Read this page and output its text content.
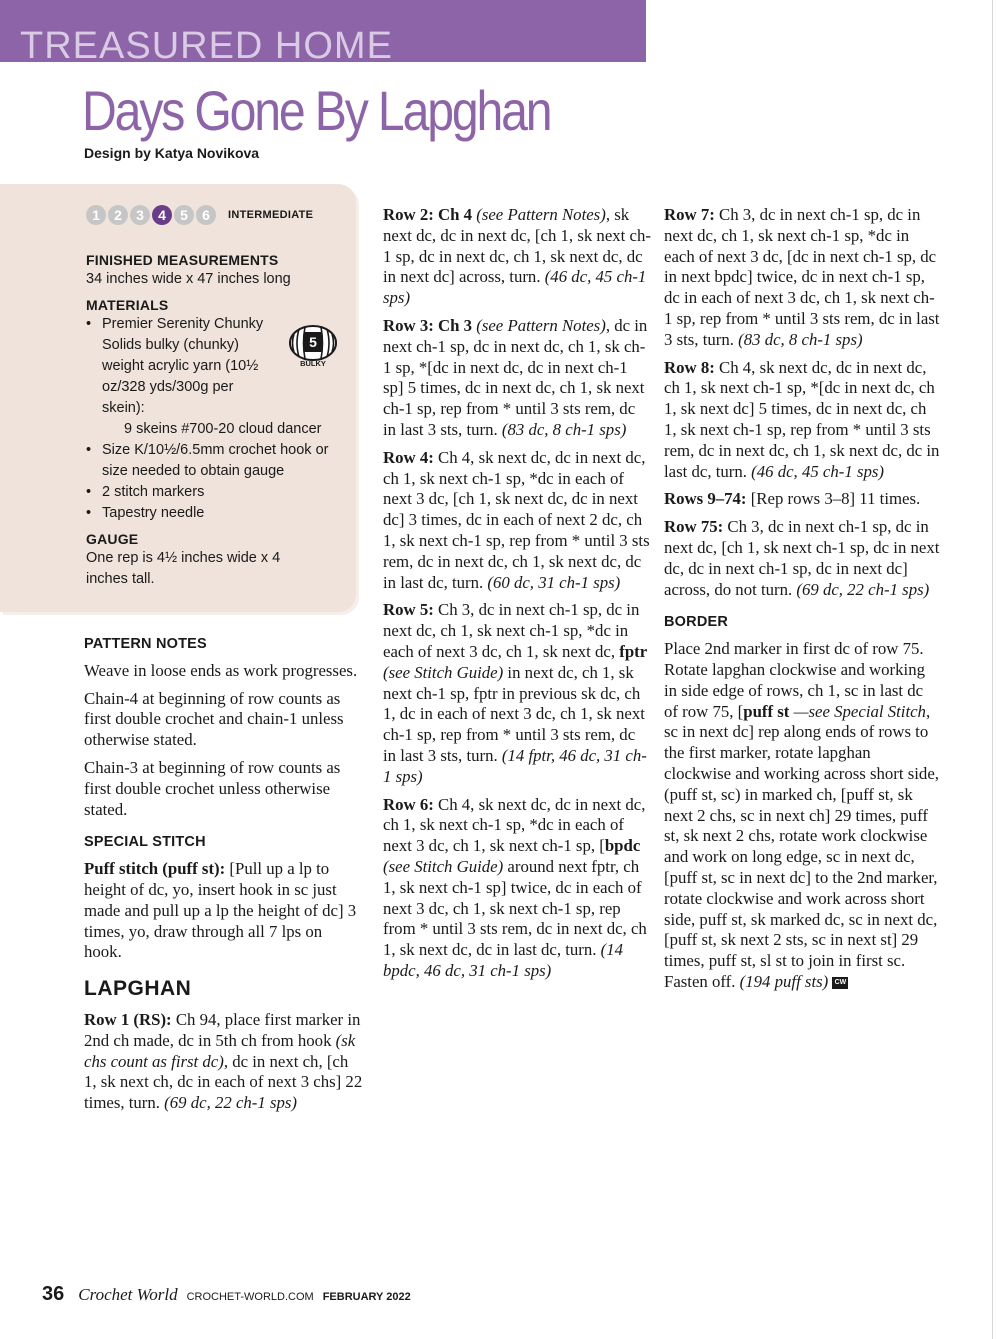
TREASURED HOME
Days Gone By Lapghan
Design by Katya Novikova
1	2	3	4	5	6	INTERMEDIATE
FINISHED MEASUREMENTS
34 inches wide x 47 inches long
MATERIALS
• Premier Serenity Chunky Solids bulky (chunky) weight acrylic yarn (10½ oz/328 yds/300g per skein):
9 skeins #700-20 cloud dancer
• Size K/10½/6.5mm crochet hook or size needed to obtain gauge
• 2 stitch markers
• Tapestry needle
GAUGE
One rep is 4½ inches wide x 4 inches tall.
5
BULKY
PATTERN NOTES

Weave in loose ends as work progresses.

Chain-4 at beginning of row counts as first double crochet and chain-1 unless otherwise stated.

Chain-3 at beginning of row counts as first double crochet unless otherwise stated.

SPECIAL STITCH

Puff stitch (puff st): [Pull up a lp to height of dc, yo, insert hook in sc just made and pull up a lp the height of dc] 3 times, yo, draw through all 7 lps on hook.

LAPGHAN

Row 1 (RS): Ch 94, place first marker in 2nd ch made, dc in 5th ch from hook (sk chs count as first dc), dc in next ch, [ch 1, sk next ch, dc in each of next 3 chs] 22 times, turn. (69 dc, 22 ch-1 sps)

Row 2: Ch 4 (see Pattern Notes), sk next dc, dc in next dc, [ch 1, sk next ch-1 sp, dc in next dc, ch 1, sk next dc, dc in next dc] across, turn. (46 dc, 45 ch-1 sps)

Row 3: Ch 3 (see Pattern Notes), dc in next ch-1 sp, dc in next dc, ch 1, sk ch-1 sp, *[dc in next dc, dc in next ch-1 sp] 5 times, dc in next dc, ch 1, sk next ch-1 sp, rep from * until 3 sts rem, dc in last 3 sts, turn. (83 dc, 8 ch-1 sps)

Row 4: Ch 4, sk next dc, dc in next dc, ch 1, sk next ch-1 sp, *dc in each of next 3 dc, [ch 1, sk next dc, dc in next dc] 3 times, dc in each of next 2 dc, ch 1, sk next ch-1 sp, rep from * until 3 sts rem, dc in next dc, ch 1, sk next dc, dc in last dc, turn. (60 dc, 31 ch-1 sps)

Row 5: Ch 3, dc in next ch-1 sp, dc in next dc, ch 1, sk next ch-1 sp, *dc in each of next 3 dc, ch 1, sk next dc, fptr (see Stitch Guide) in next dc, ch 1, sk next ch-1 sp, fptr in previous sk dc, ch 1, dc in each of next 3 dc, ch 1, sk next ch-1 sp, rep from * until 3 sts rem, dc in last 3 sts, turn. (14 fptr, 46 dc, 31 ch-1 sps)

Row 6: Ch 4, sk next dc, dc in next dc, ch 1, sk next ch-1 sp, *dc in each of next 3 dc, ch 1, sk next ch-1 sp, [bpdc (see Stitch Guide) around next fptr, ch 1, sk next ch-1 sp] twice, dc in each of next 3 dc, ch 1, sk next ch-1 sp, rep from * until 3 sts rem, dc in next dc, ch 1, sk next dc, dc in last dc, turn. (14 bpdc, 46 dc, 31 ch-1 sps)

Row 7: Ch 3, dc in next ch-1 sp, dc in next dc, ch 1, sk next ch-1 sp, *dc in each of next 3 dc, [dc in next ch-1 sp, dc in next bpdc] twice, dc in next ch-1 sp, dc in each of next 3 dc, ch 1, sk next ch-1 sp, rep from * until 3 sts rem, dc in last 3 sts, turn. (83 dc, 8 ch-1 sps)

Row 8: Ch 4, sk next dc, dc in next dc, ch 1, sk next ch-1 sp, *[dc in next dc, ch 1, sk next dc] 5 times, dc in next dc, ch 1, sk next ch-1 sp, rep from * until 3 sts rem, dc in next dc, ch 1, sk next dc, dc in last dc, turn. (46 dc, 45 ch-1 sps)

Rows 9–74: [Rep rows 3–8] 11 times.

Row 75: Ch 3, dc in next ch-1 sp, dc in next dc, [ch 1, sk next ch-1 sp, dc in next dc, dc in next ch-1 sp, dc in next dc] across, do not turn. (69 dc, 22 ch-1 sps)

BORDER

Place 2nd marker in first dc of row 75. Rotate lapghan clockwise and working in side edge of rows, ch 1, sc in last dc of row 75, [puff st —see Special Stitch, sc in next dc] rep along ends of rows to the first marker, rotate lapghan clockwise and working across short side, (puff st, sc) in marked ch, [puff st, sk next 2 chs, sc in next ch] 29 times, puff st, sk next 2 chs, rotate work clockwise and work on long edge, sc in next dc, [puff st, sc in next dc] to the 2nd marker, rotate clockwise and work across short side, puff st, sk marked dc, sc in next dc, [puff st, sk next 2 sts, sc in next st] 29 times, puff st, sl st to join in first sc. Fasten off. (194 puff sts) CW

36 Crochet World CROCHET-WORLD.COM FEBRUARY 2022
